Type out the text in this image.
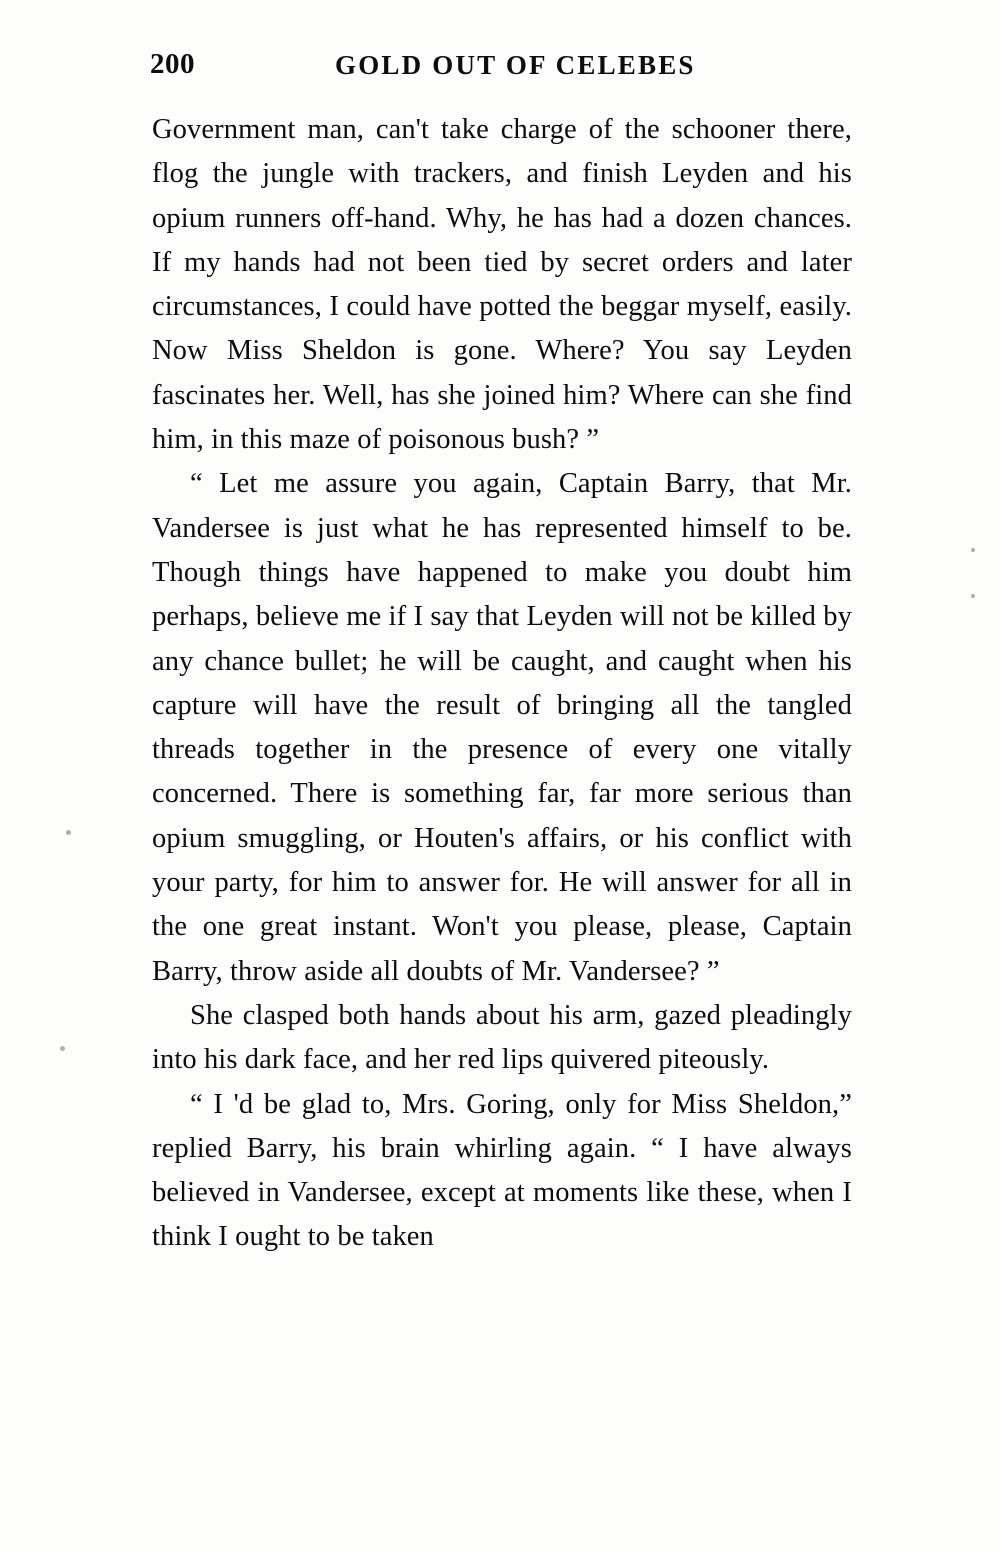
200	GOLD OUT OF CELEBES

Government man, can't take charge of the schooner there, flog the jungle with trackers, and finish Leyden and his opium runners off-hand. Why, he has had a dozen chances. If my hands had not been tied by secret orders and later circumstances, I could have potted the beggar myself, easily. Now Miss Sheldon is gone. Where? You say Leyden fascinates her. Well, has she joined him? Where can she find him, in this maze of poisonous bush? ”

“ Let me assure you again, Captain Barry, that Mr. Vandersee is just what he has represented himself to be. Though things have happened to make you doubt him perhaps, believe me if I say that Leyden will not be killed by any chance bullet; he will be caught, and caught when his capture will have the result of bringing all the tangled threads together in the presence of every one vitally concerned. There is something far, far more serious than opium smuggling, or Houten's affairs, or his conflict with your party, for him to answer for. He will answer for all in the one great instant. Won't you please, please, Captain Barry, throw aside all doubts of Mr. Vandersee? ”

She clasped both hands about his arm, gazed pleadingly into his dark face, and her red lips quivered piteously.

“ I 'd be glad to, Mrs. Goring, only for Miss Sheldon,” replied Barry, his brain whirling again. “ I have always believed in Vandersee, except at moments like these, when I think I ought to be taken
